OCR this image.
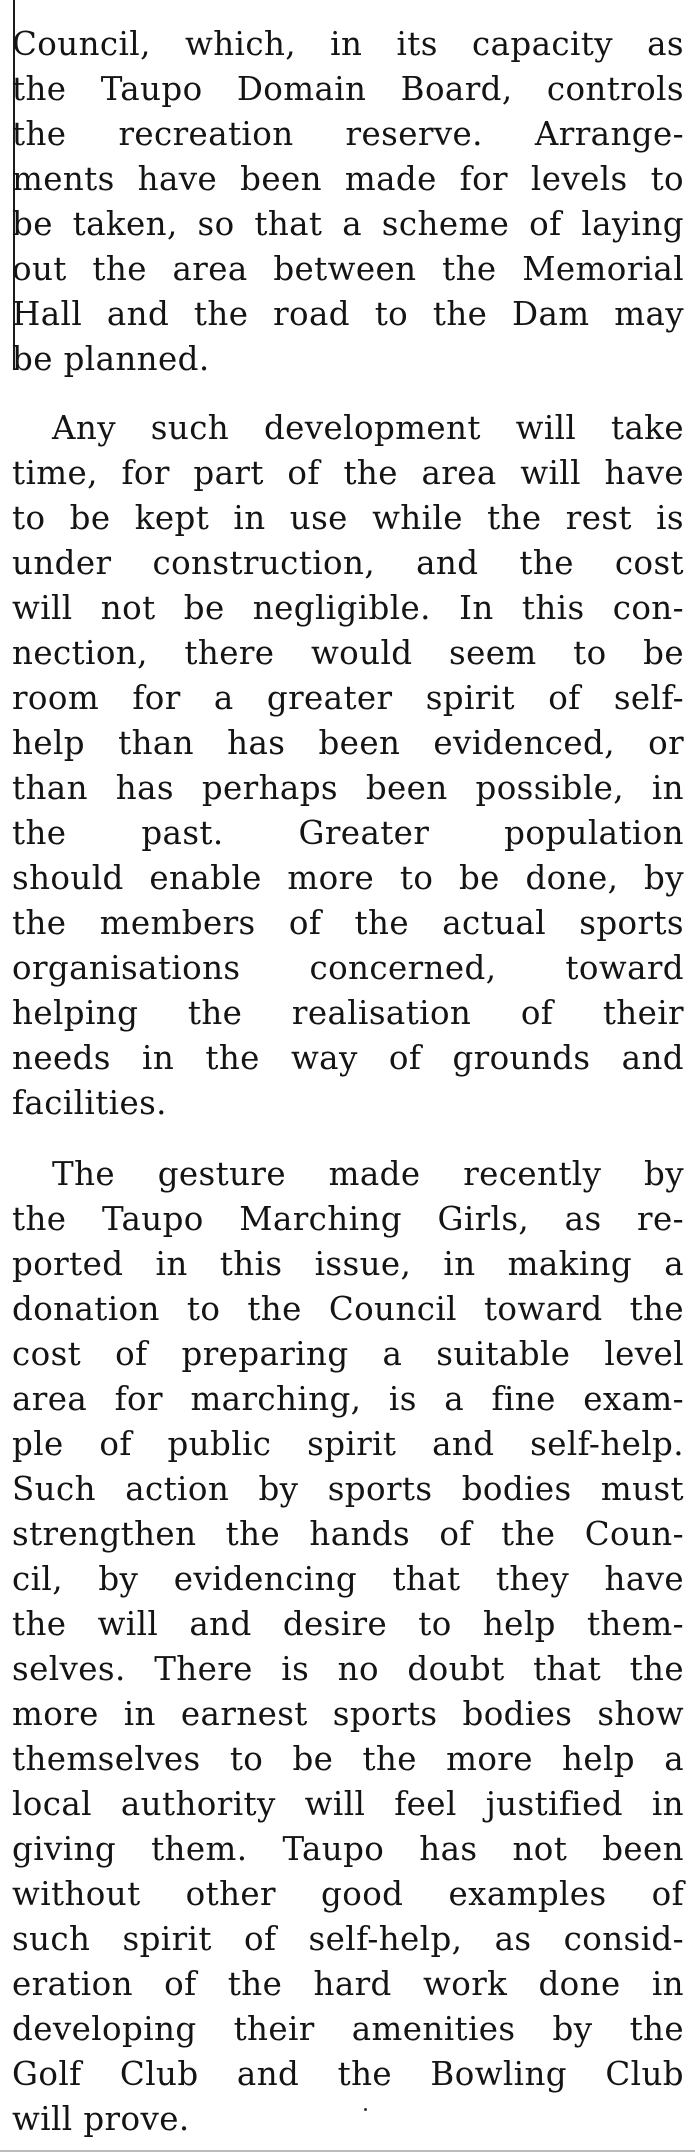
Council, which, in its capacity as
the Taupo Domain Board, controls
the recreation reserve. Arrange-
ments have been made for levels to
be taken, so that a scheme of laying
out the area between the Memorial
Hall and the road to the Dam may
be planned.

Any such development will take
time, for part of the area will have
to be kept in use while the rest is
under construction, and the cost
will not be negligible. In this con-
nection, there would seem to be
room for a greater spirit of self-
help than has been evidenced, or
than has perhaps been possible, in
the past. Greater population
should enable more to be done, by
the members of the actual sports
organisations concerned, toward
helping the realisation of their
needs in the way of grounds and
facilities.

The gesture made recently by
the Taupo Marching Girls, as re-
ported in this issue, in making a
donation to the Council toward the
cost of preparing a suitable level
area for marching, is a fine exam-
ple of public spirit and self-help.
Such action by sports bodies must
strengthen the hands of the Coun-
cil, by evidencing that they have
the will and desire to help them-
selves. There is no doubt that the
more in earnest sports bodies show
themselves to be the more help a
local authority will feel justified in
giving them. Taupo has not been
without other good examples of
such spirit of self-help, as consid-
eration of the hard work done in
developing their amenities by the
Golf Club and the Bowling Club
will prove.
